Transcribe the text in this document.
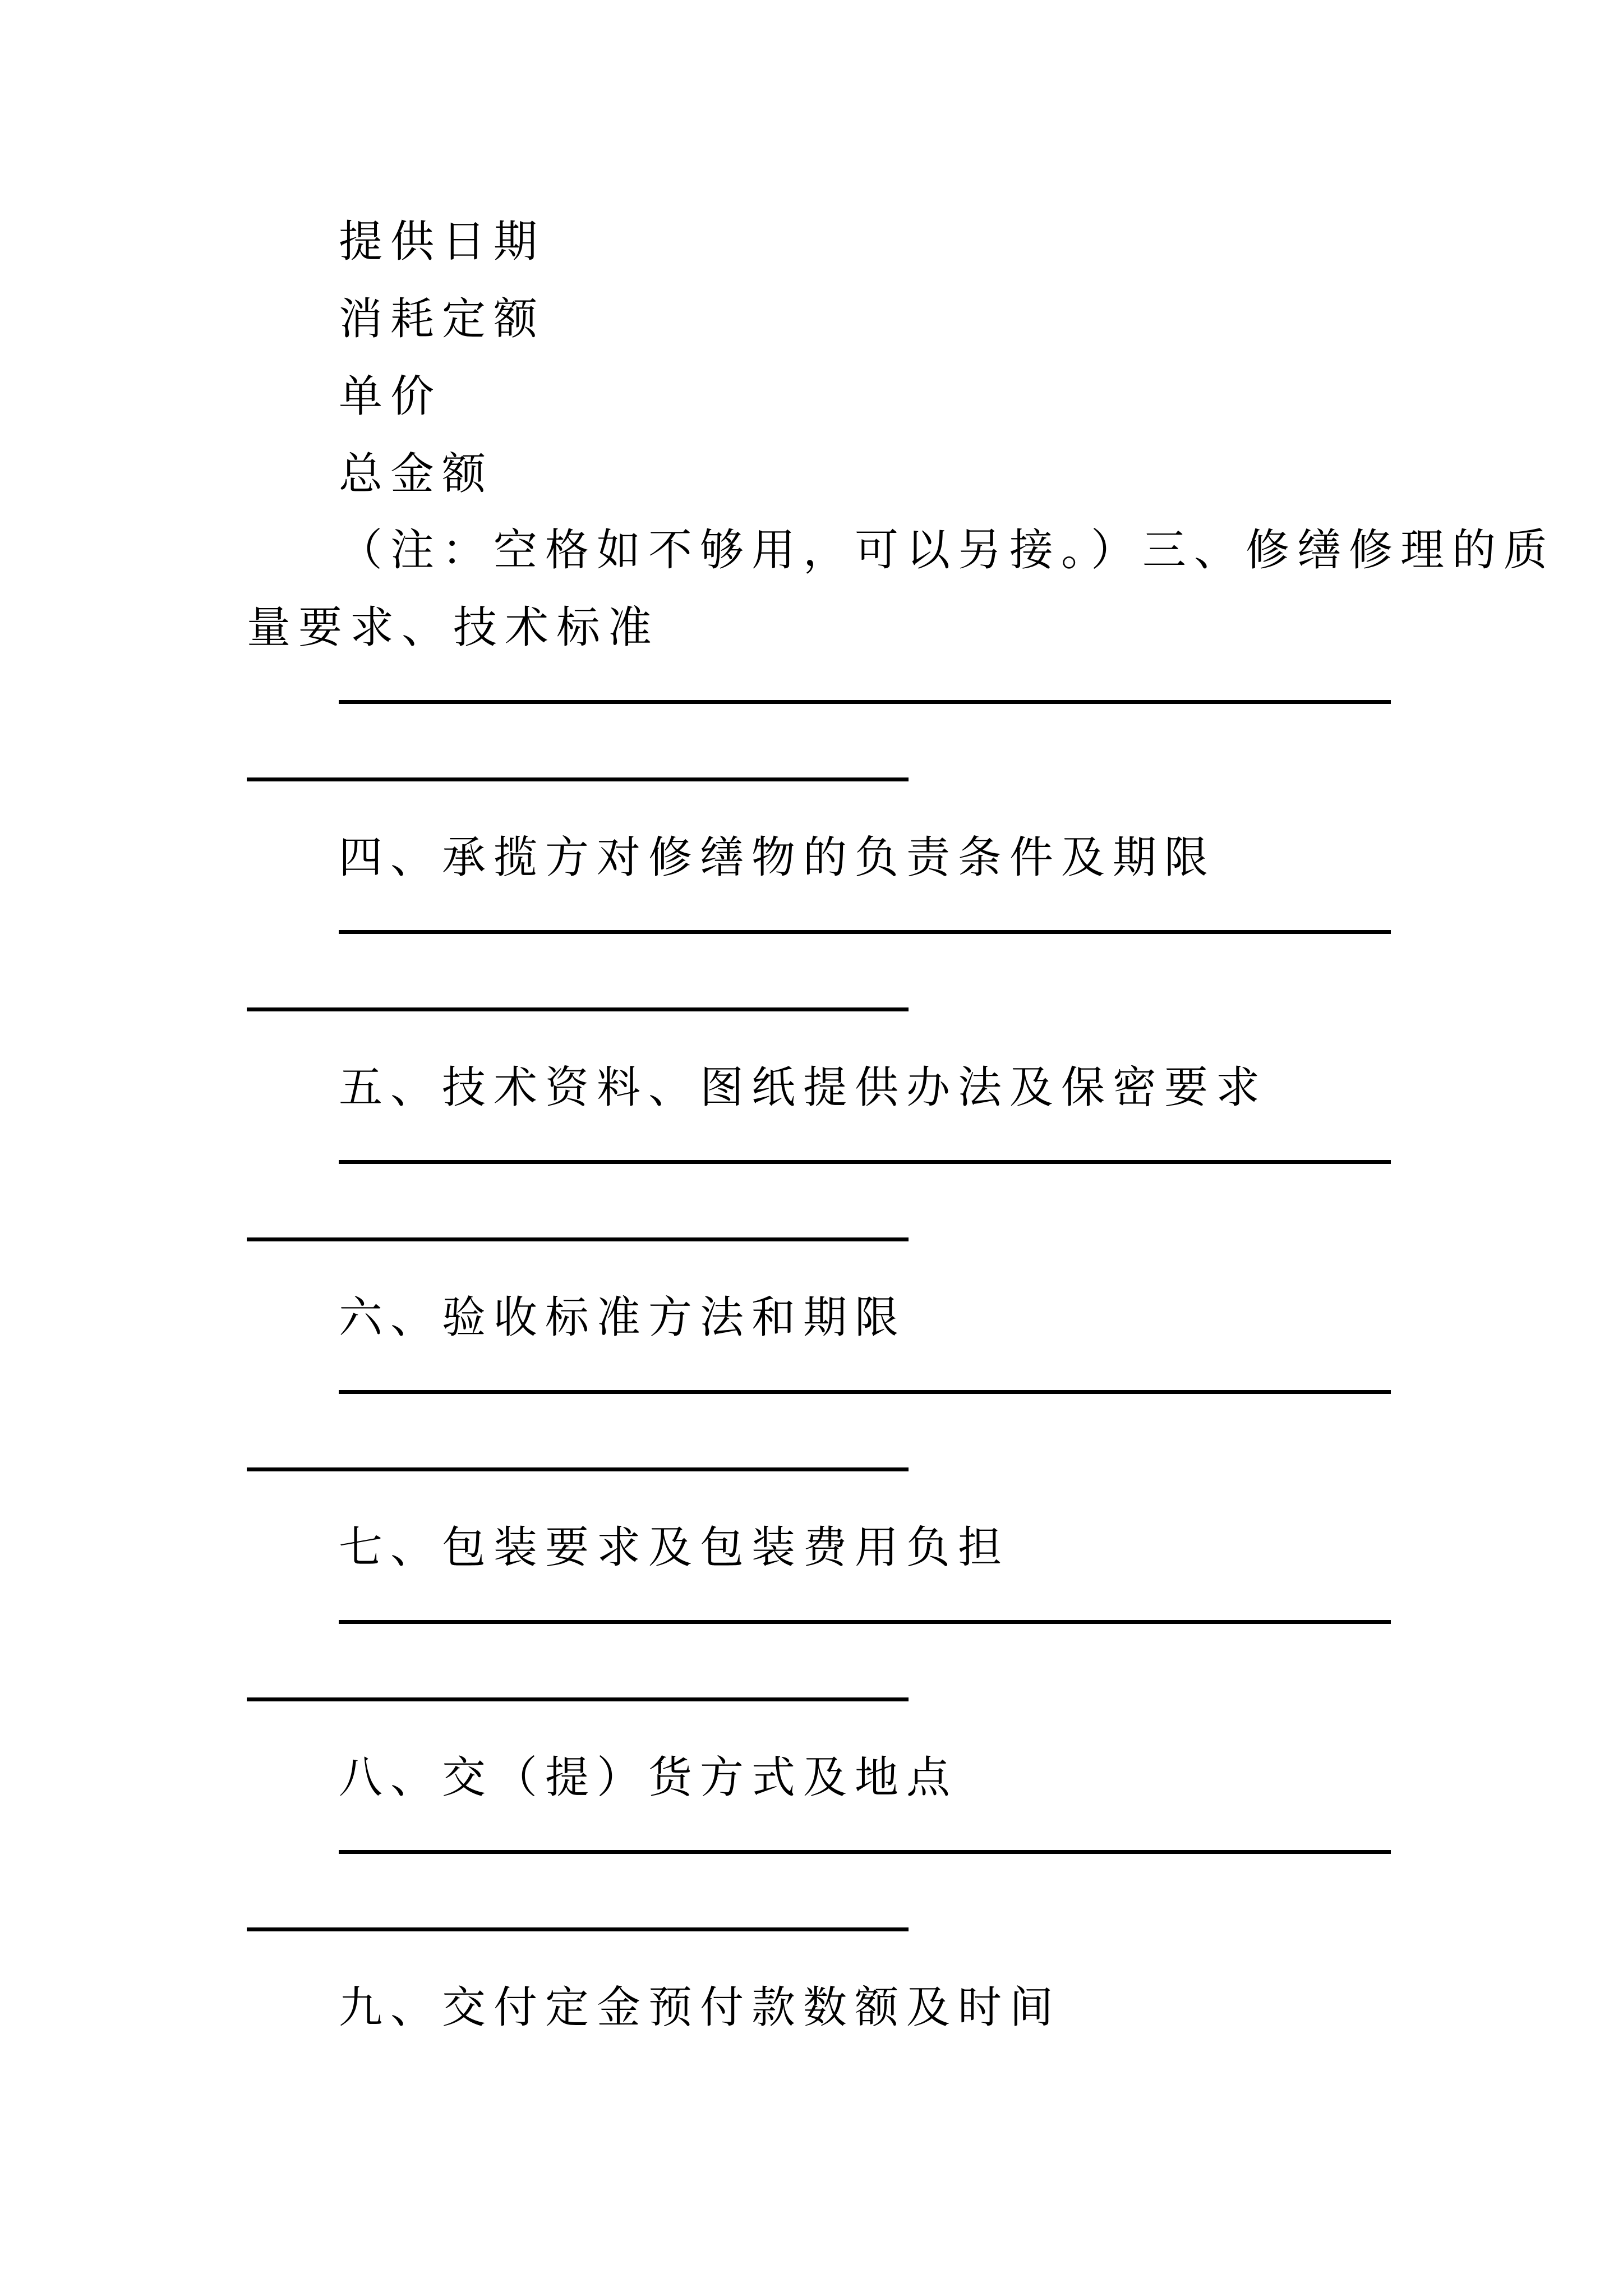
提供日期
消耗定额
单价
总金额
（注：空格如不够用，可以另接。）三、修缮修理的质
量要求、技术标准
四、承揽方对修缮物的负责条件及期限
五、技术资料、图纸提供办法及保密要求
六、验收标准方法和期限
七、包装要求及包装费用负担
八、交（提）货方式及地点
九、交付定金预付款数额及时间
